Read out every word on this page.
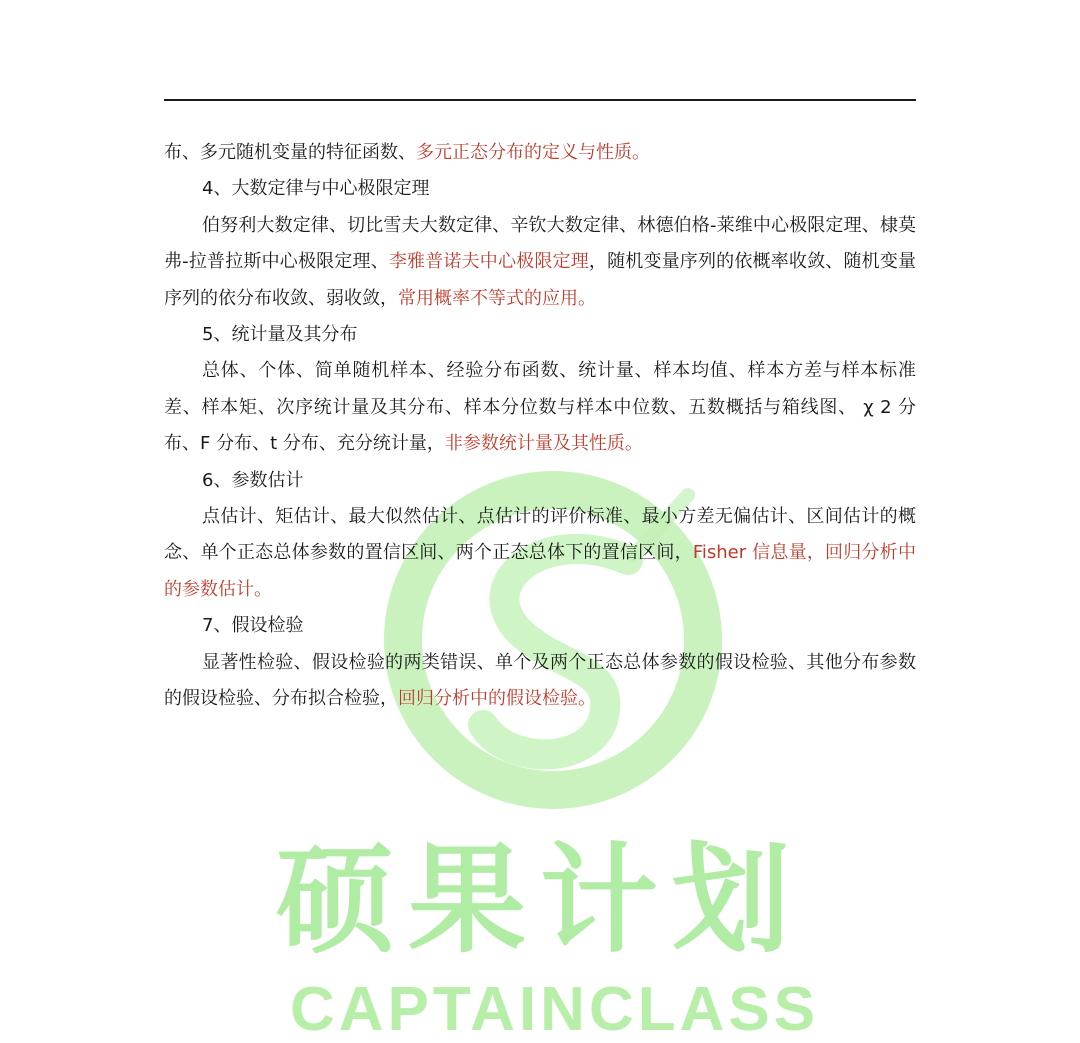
硕果计划
CAPTAINCLASS

布、多元随机变量的特征函数、多元正态分布的定义与性质。

4、大数定律与中心极限定理

伯努利大数定律、切比雪夫大数定律、辛钦大数定律、林德伯格-莱维中心极限定理、棣莫弗-拉普拉斯中心极限定理、李雅普诺夫中心极限定理，随机变量序列的依概率收敛、随机变量序列的依分布收敛、弱收敛，常用概率不等式的应用。

5、统计量及其分布

总体、个体、简单随机样本、经验分布函数、统计量、样本均值、样本方差与样本标准差、样本矩、次序统计量及其分布、样本分位数与样本中位数、五数概括与箱线图、 χ 2 分布、F 分布、t 分布、充分统计量，非参数统计量及其性质。

6、参数估计

点估计、矩估计、最大似然估计、点估计的评价标准、最小方差无偏估计、区间估计的概念、单个正态总体参数的置信区间、两个正态总体下的置信区间，Fisher 信息量，回归分析中的参数估计。

7、假设检验

显著性检验、假设检验的两类错误、单个及两个正态总体参数的假设检验、其他分布参数的假设检验、分布拟合检验，回归分析中的假设检验。
